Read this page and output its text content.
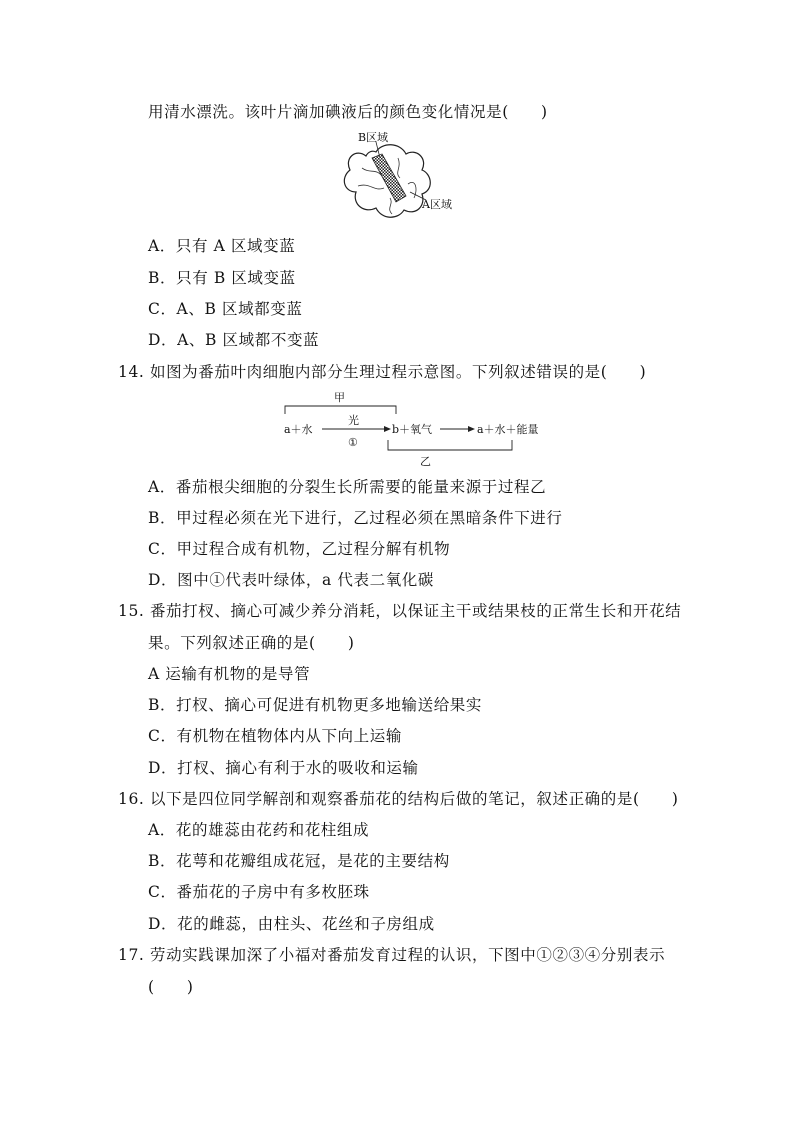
用清水漂洗。该叶片滴加碘液后的颜色变化情况是(　　)
B区域
A区域
A．只有 A 区域变蓝
B．只有 B 区域变蓝
C．A、B 区域都变蓝
D．A、B 区域都不变蓝
14. 如图为番茄叶肉细胞内部分生理过程示意图。下列叙述错误的是(　　)
甲
a＋水
光
①
b＋氧气	a＋水＋能量
乙
A．番茄根尖细胞的分裂生长所需要的能量来源于过程乙
B．甲过程必须在光下进行，乙过程必须在黑暗条件下进行
C．甲过程合成有机物，乙过程分解有机物
D．图中①代表叶绿体，a 代表二氧化碳
15. 番茄打杈、摘心可减少养分消耗，以保证主干或结果枝的正常生长和开花结
果。下列叙述正确的是(　　)
A 运输有机物的是导管
B．打杈、摘心可促进有机物更多地输送给果实
C．有机物在植物体内从下向上运输
D．打杈、摘心有利于水的吸收和运输
16. 以下是四位同学解剖和观察番茄花的结构后做的笔记，叙述正确的是(　　)
A．花的雄蕊由花药和花柱组成
B．花萼和花瓣组成花冠，是花的主要结构
C．番茄花的子房中有多枚胚珠
D．花的雌蕊，由柱头、花丝和子房组成
17. 劳动实践课加深了小福对番茄发育过程的认识，下图中①②③④分别表示
(　　)
